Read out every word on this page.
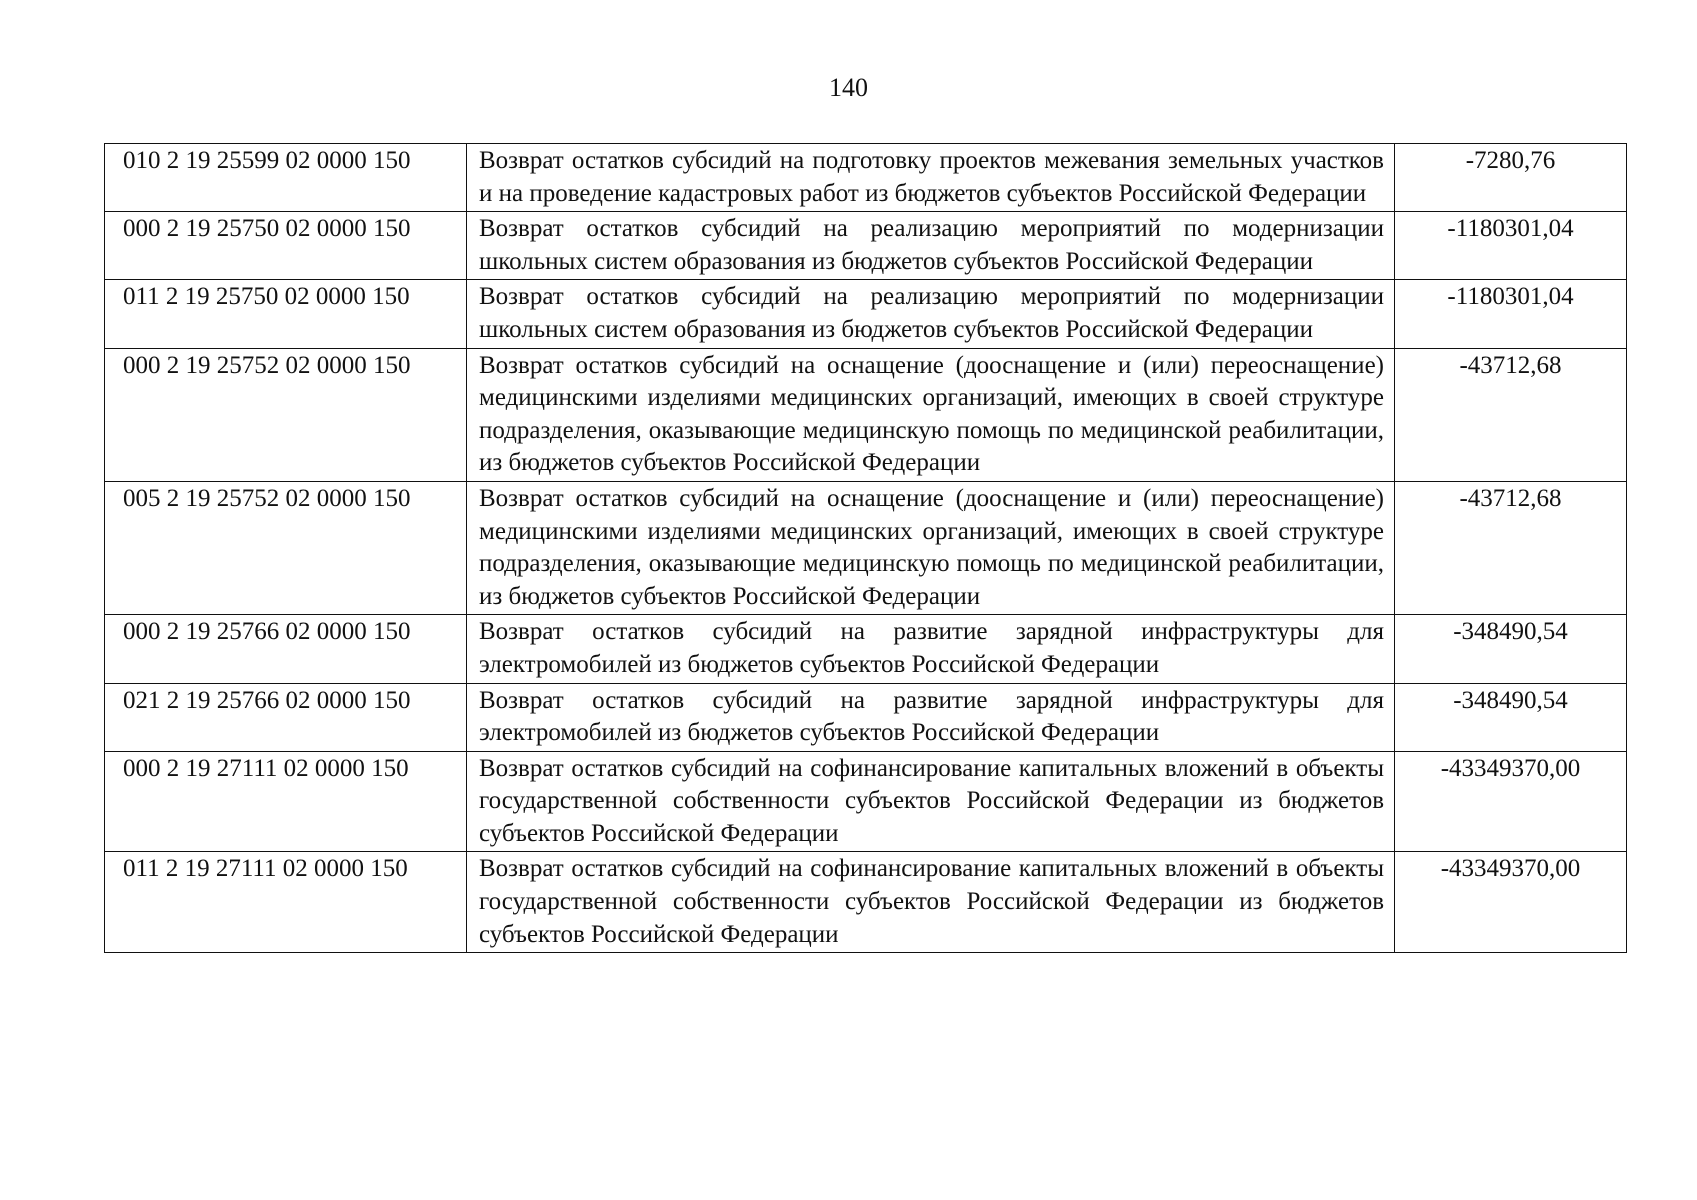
140
010 2 19 25599 02 0000 150	Возврат остатков субсидий на подготовку проектов межевания земельных участков и на проведение кадастровых работ из бюджетов субъектов Российской Федерации	-7280,76
000 2 19 25750 02 0000 150	Возврат остатков субсидий на реализацию мероприятий по модернизации школьных систем образования из бюджетов субъектов Российской Федерации	-1180301,04
011 2 19 25750 02 0000 150	Возврат остатков субсидий на реализацию мероприятий по модернизации школьных систем образования из бюджетов субъектов Российской Федерации	-1180301,04
000 2 19 25752 02 0000 150	Возврат остатков субсидий на оснащение (дооснащение и (или) переоснащение) медицинскими изделиями медицинских организаций, имеющих в своей структуре подразделения, оказывающие медицинскую помощь по медицинской реабилитации, из бюджетов субъектов Российской Федерации	-43712,68
005 2 19 25752 02 0000 150	Возврат остатков субсидий на оснащение (дооснащение и (или) переоснащение) медицинскими изделиями медицинских организаций, имеющих в своей структуре подразделения, оказывающие медицинскую помощь по медицинской реабилитации, из бюджетов субъектов Российской Федерации	-43712,68
000 2 19 25766 02 0000 150	Возврат остатков субсидий на развитие зарядной инфраструктуры для электромобилей из бюджетов субъектов Российской Федерации	-348490,54
021 2 19 25766 02 0000 150	Возврат остатков субсидий на развитие зарядной инфраструктуры для электромобилей из бюджетов субъектов Российской Федерации	-348490,54
000 2 19 27111 02 0000 150	Возврат остатков субсидий на софинансирование капитальных вложений в объекты государственной собственности субъектов Российской Федерации из бюджетов субъектов Российской Федерации	-43349370,00
011 2 19 27111 02 0000 150	Возврат остатков субсидий на софинансирование капитальных вложений в объекты государственной собственности субъектов Российской Федерации из бюджетов субъектов Российской Федерации	-43349370,00
